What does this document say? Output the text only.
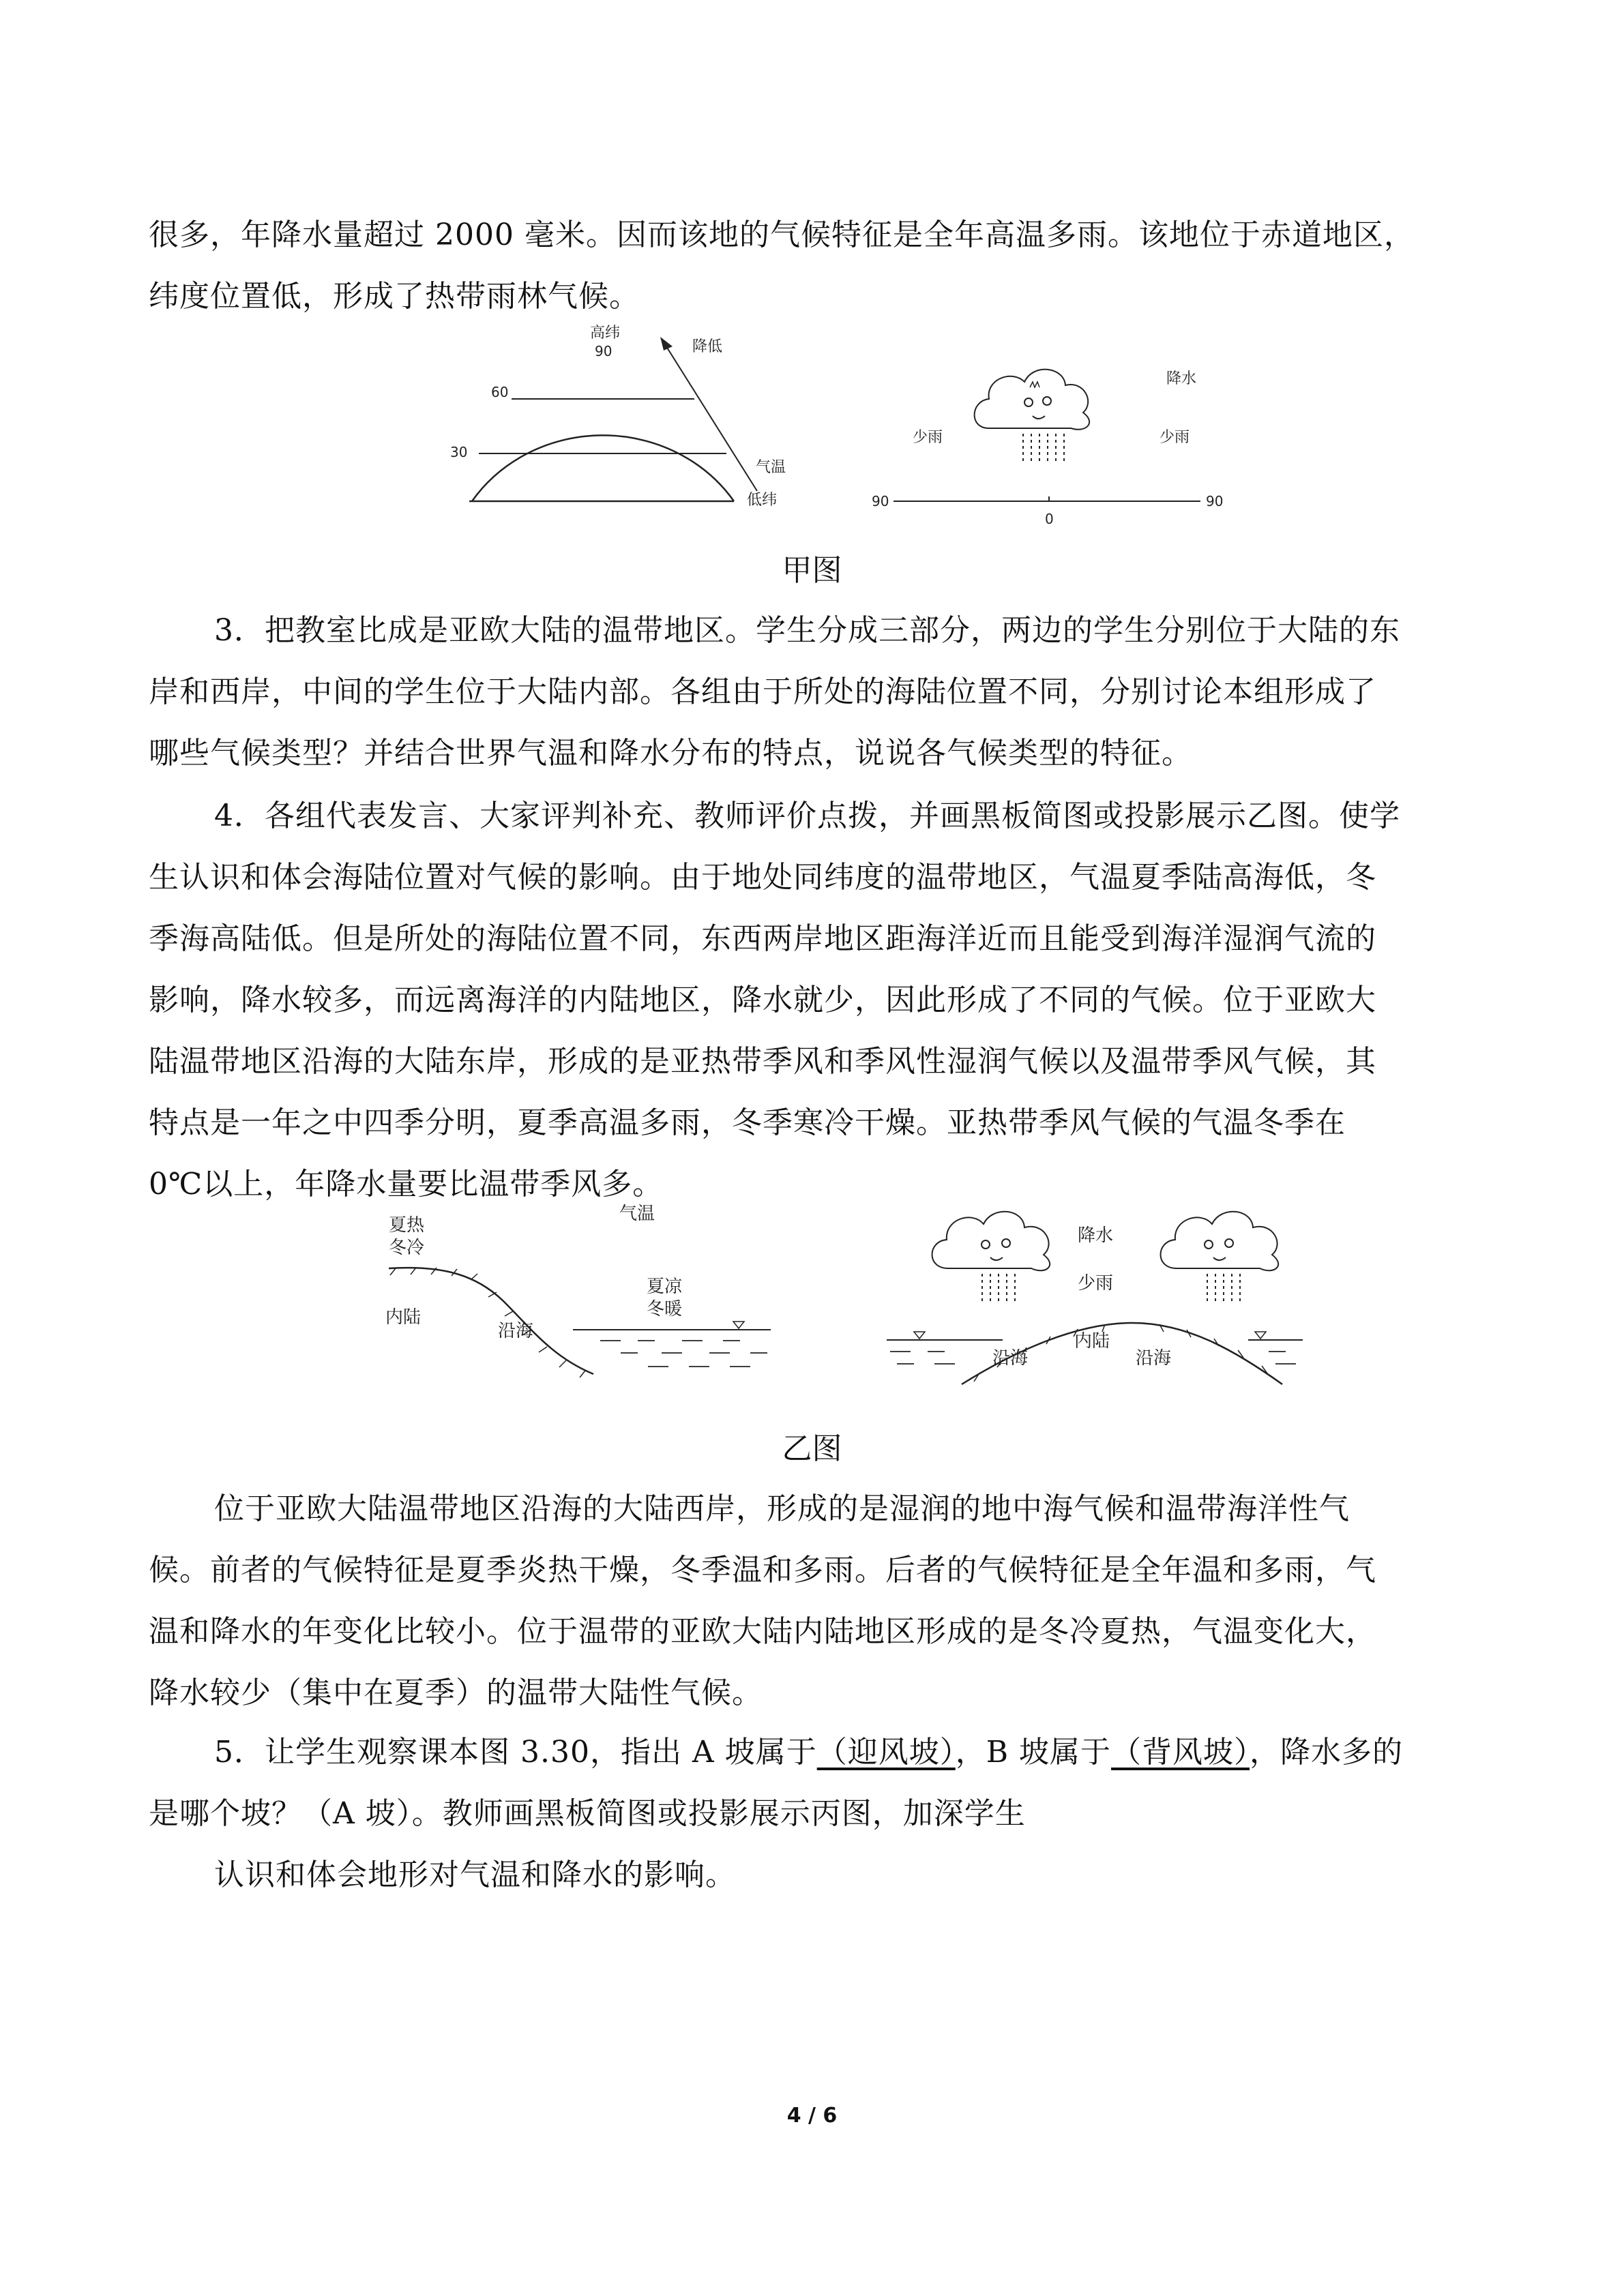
很多，年降水量超过 2000 毫米。因而该地的气候特征是全年高温多雨。该地位于赤道地区，
纬度位置低，形成了热带雨林气候。
高纬
90
60
30
降低
气温
低纬
降水
少雨	少雨
90
0
90
甲图
3．把教室比成是亚欧大陆的温带地区。学生分成三部分，两边的学生分别位于大陆的东
岸和西岸，中间的学生位于大陆内部。各组由于所处的海陆位置不同，分别讨论本组形成了
哪些气候类型？并结合世界气温和降水分布的特点，说说各气候类型的特征。
4．各组代表发言、大家评判补充、教师评价点拨，并画黑板简图或投影展示乙图。使学
生认识和体会海陆位置对气候的影响。由于地处同纬度的温带地区，气温夏季陆高海低，冬
季海高陆低。但是所处的海陆位置不同，东西两岸地区距海洋近而且能受到海洋湿润气流的
影响，降水较多，而远离海洋的内陆地区，降水就少，因此形成了不同的气候。位于亚欧大
陆温带地区沿海的大陆东岸，形成的是亚热带季风和季风性湿润气候以及温带季风气候，其
特点是一年之中四季分明，夏季高温多雨，冬季寒冷干燥。亚热带季风气候的气温冬季在
0℃以上，年降水量要比温带季风多。
夏热
冬冷
气温
夏凉
冬暖
内陆
沿海
降水
少雨
内陆
沿海	沿海
乙图
位于亚欧大陆温带地区沿海的大陆西岸，形成的是湿润的地中海气候和温带海洋性气
候。前者的气候特征是夏季炎热干燥，冬季温和多雨。后者的气候特征是全年温和多雨，气
温和降水的年变化比较小。位于温带的亚欧大陆内陆地区形成的是冬冷夏热，气温变化大，
降水较少（集中在夏季）的温带大陆性气候。
5．让学生观察课本图 3.30，指出 A 坡属于（迎风坡），B 坡属于（背风坡），降水多的
是哪个坡？（A 坡）。教师画黑板简图或投影展示丙图，加深学生
认识和体会地形对气温和降水的影响。
4 / 6
